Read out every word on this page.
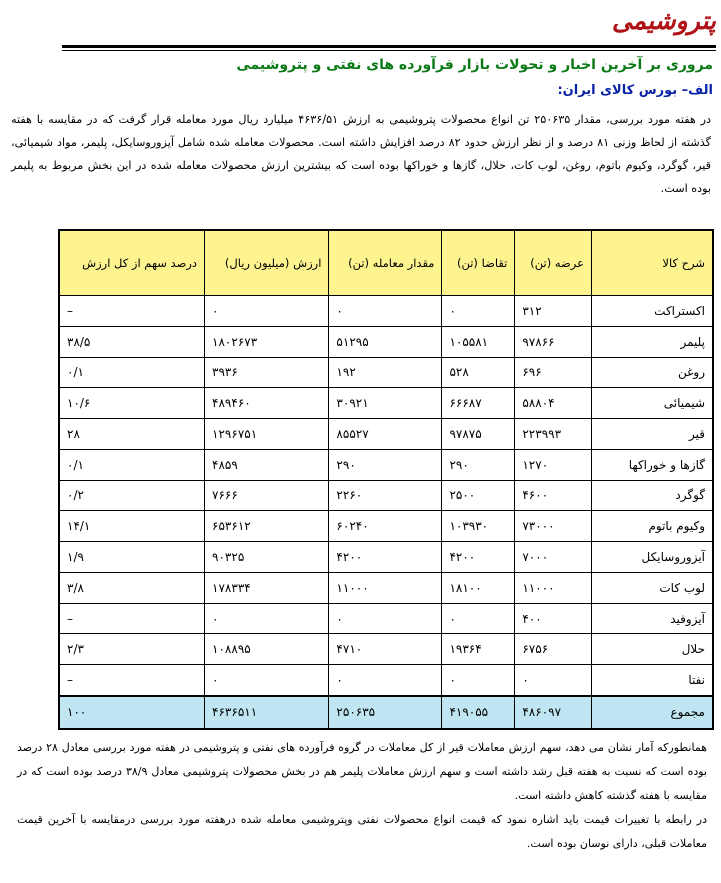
پتروشیمی
مروری بر آخرین اخبار و تحولات بازار فرآورده های نفتی و پتروشیمی
الف– بورس کالای ایران:
در هفته مورد بررسی، مقدار ۲۵۰۶۳۵ تن انواع محصولات پتروشیمی به ارزش ۴۶۳۶/۵۱ میلیارد ریال مورد معامله قرار گرفت که در مقایسه با هفته گذشته از لحاظ وزنی ۸۱ درصد و از نظر ارزش حدود ۸۲ درصد افزایش داشته است. محصولات معامله شده شامل آیزوروسایکل، پلیمر، مواد شیمیائی، قیر، گوگرد، وکیوم باتوم، روغن، لوب کات، حلال، گازها و خوراکها بوده است که بیشترین ارزش محصولات معامله شده در این بخش مربوط به پلیمر بوده است.
شرح کالا	عرضه (تن)	تقاضا (تن)	مقدار معامله (تن)	ارزش (میلیون ریال)	درصد سهم از کل ارزش
اکستراکت	۳۱۲	۰	۰	۰	–
پلیمر	۹۷۸۶۶	۱۰۵۵۸۱	۵۱۲۹۵	۱۸۰۲۶۷۳	۳۸/۵
روغن	۶۹۶	۵۲۸	۱۹۲	۳۹۳۶	۰/۱
شیمیائی	۵۸۸۰۴	۶۶۶۸۷	۳۰۹۲۱	۴۸۹۴۶۰	۱۰/۶
قیر	۲۲۳۹۹۳	۹۷۸۷۵	۸۵۵۲۷	۱۲۹۶۷۵۱	۲۸
گازها و خوراکها	۱۲۷۰	۲۹۰	۲۹۰	۴۸۵۹	۰/۱
گوگرد	۴۶۰۰	۲۵۰۰	۲۲۶۰	۷۶۶۶	۰/۲
وکیوم باتوم	۷۳۰۰۰	۱۰۳۹۳۰	۶۰۲۴۰	۶۵۳۶۱۲	۱۴/۱
آیزوروسایکل	۷۰۰۰	۴۲۰۰	۴۲۰۰	۹۰۳۲۵	۱/۹
لوب کات	۱۱۰۰۰	۱۸۱۰۰	۱۱۰۰۰	۱۷۸۳۳۴	۳/۸
آیزوفید	۴۰۰	۰	۰	۰	–
حلال	۶۷۵۶	۱۹۳۶۴	۴۷۱۰	۱۰۸۸۹۵	۲/۳
نفتا	۰	۰	۰	۰	–
مجموع	۴۸۶۰۹۷	۴۱۹۰۵۵	۲۵۰۶۳۵	۴۶۳۶۵۱۱	۱۰۰

همانطورکه آمار نشان می دهد، سهم ارزش معاملات قیر از کل معاملات در گروه فرآورده های نفتی و پتروشیمی در هفته مورد بررسی معادل ۲۸ درصد بوده است که نسبت به هفته قبل رشد داشته است و سهم ارزش معاملات پلیمر هم در بخش محصولات پتروشیمی معادل ۳۸/۹ درصد بوده است که در مقایسه با هفته گذشته کاهش داشته است.

در رابطه با تغییرات قیمت باید اشاره نمود که قیمت انواع محصولات نفتی وپتروشیمی معامله شده درهفته مورد بررسی درمقایسه با آخرین قیمت معاملات قبلی، دارای نوسان بوده است.
